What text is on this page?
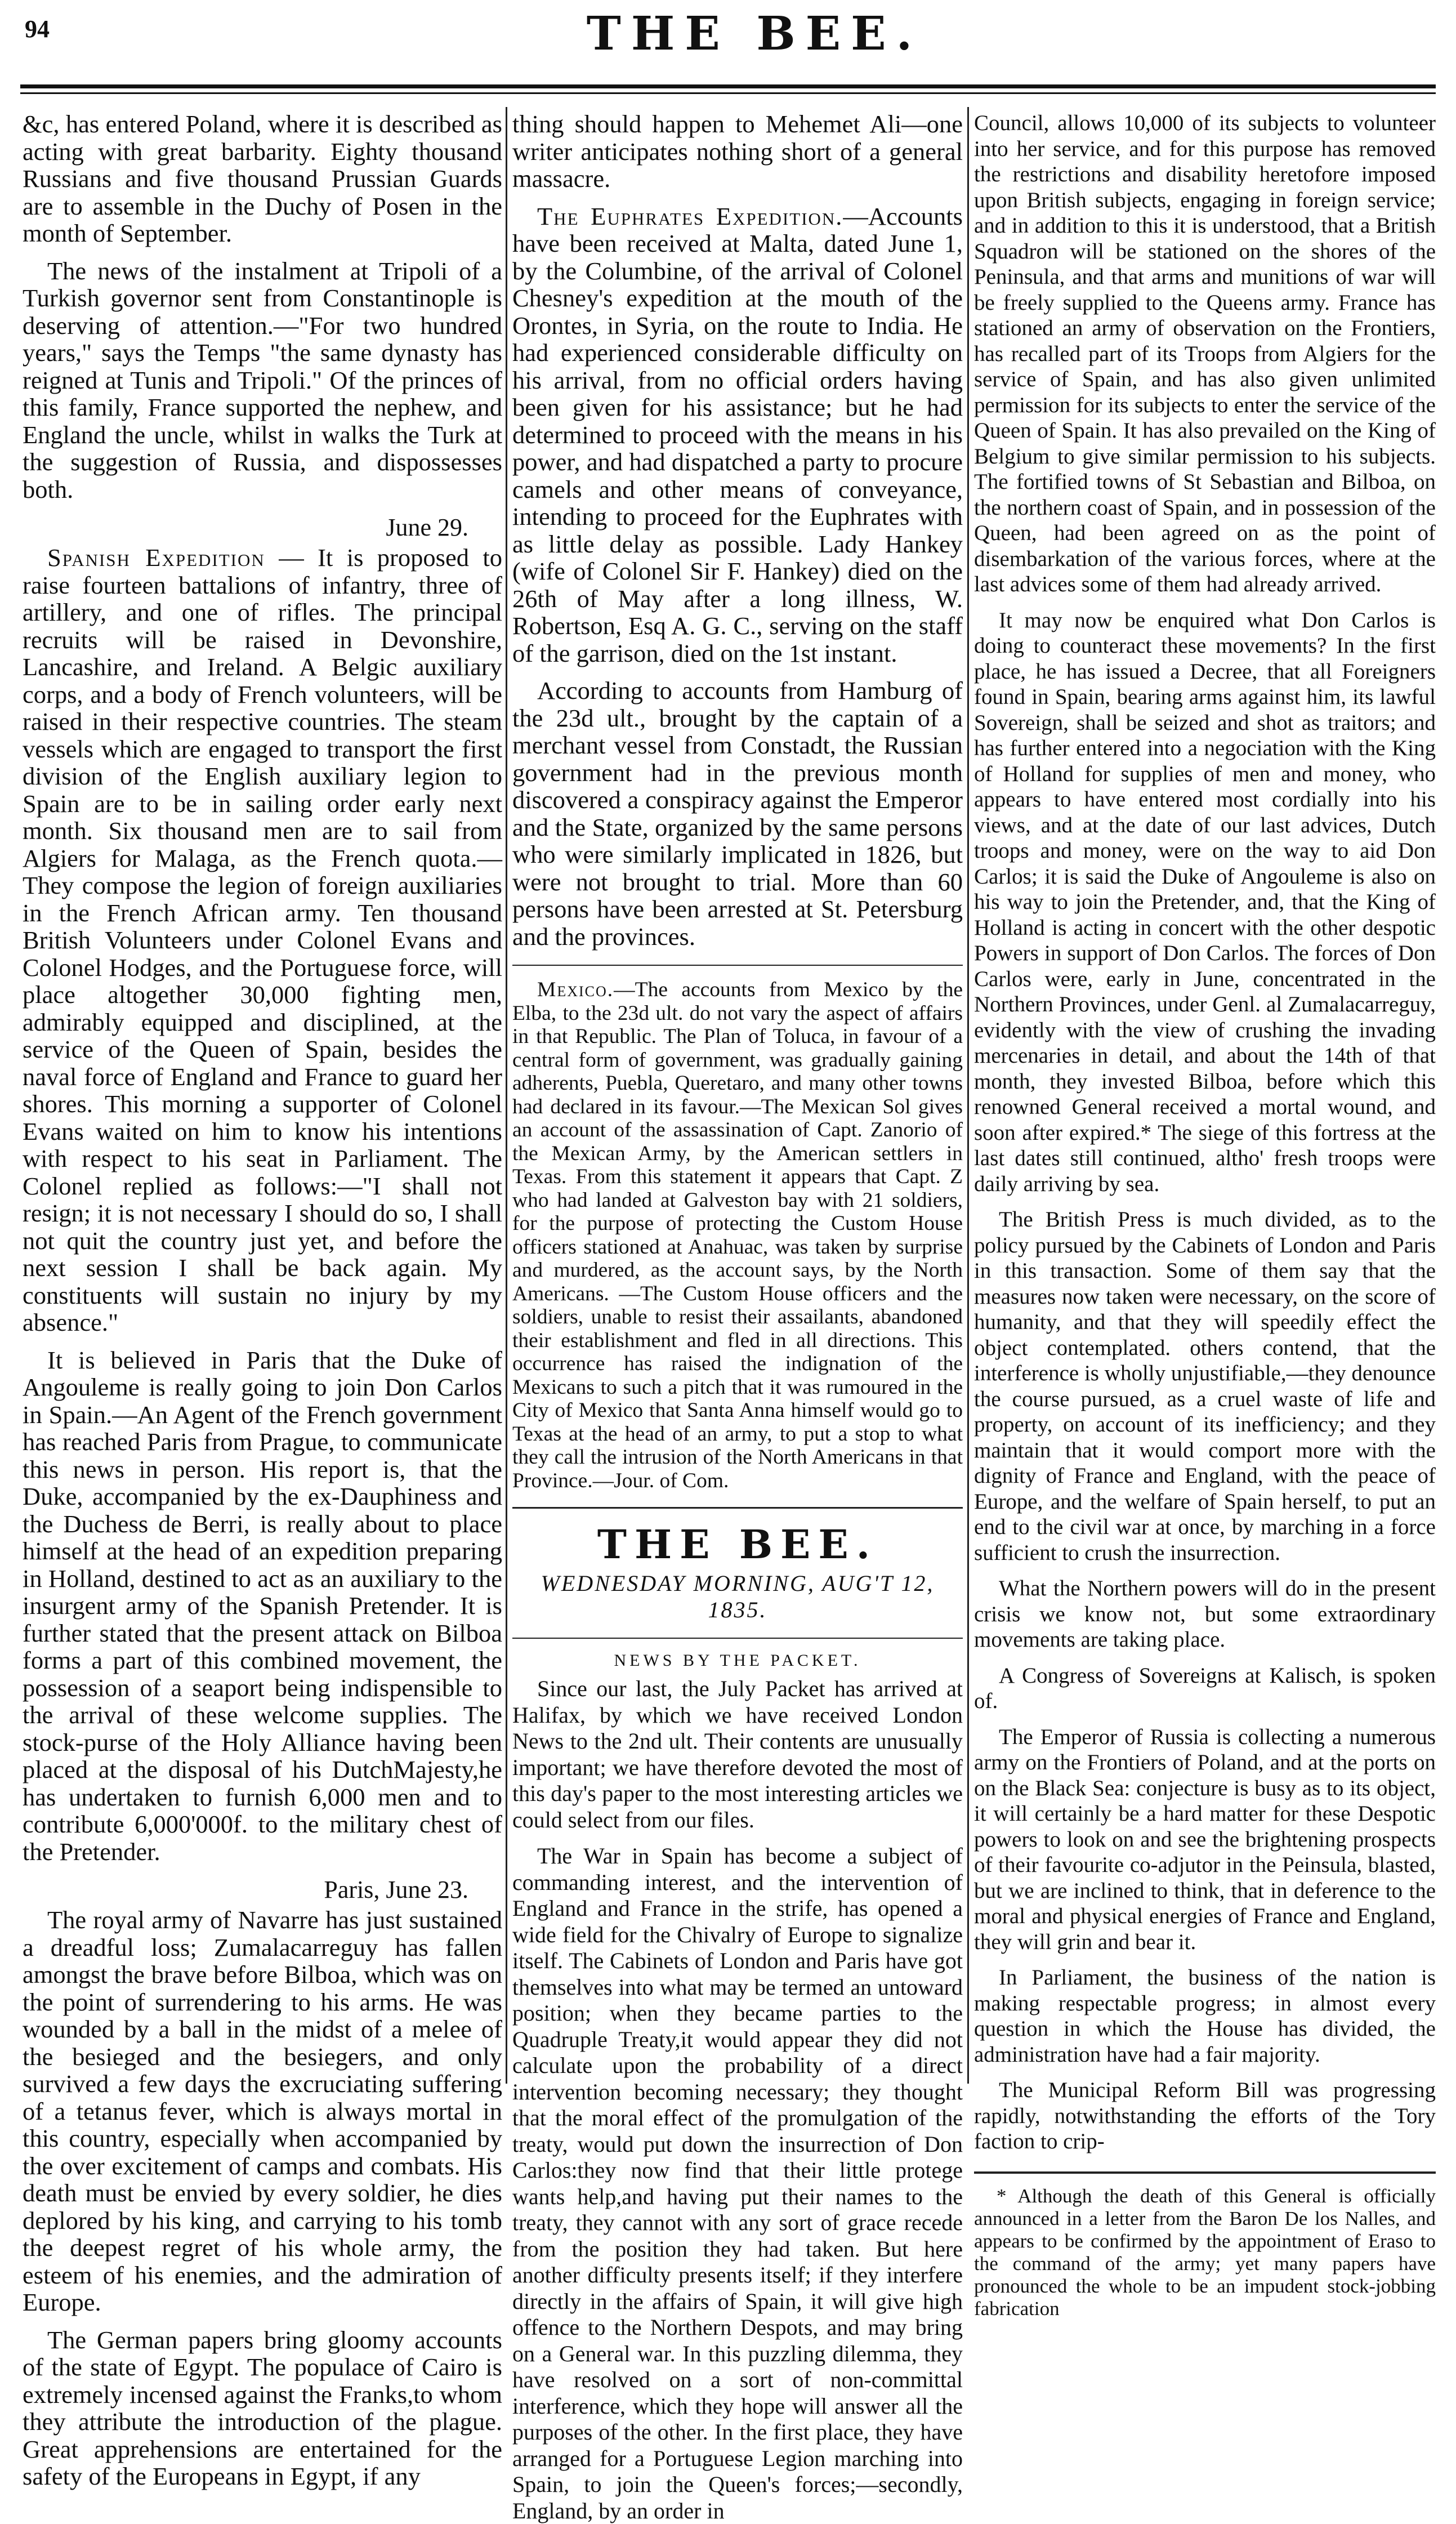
94	THE BEE.

&c, has entered Poland, where it is described as acting with great barbarity. Eighty thousand Russians and five thousand Prussian Guards are to assemble in the Duchy of Posen in the month of September.

The news of the instalment at Tripoli of a Turkish governor sent from Constantinople is deserving of attention.—"For two hundred years," says the Temps "the same dynasty has reigned at Tunis and Tripoli." Of the princes of this family, France supported the nephew, and England the uncle, whilst in walks the Turk at the suggestion of Russia, and dispossesses both.

June 29.

Spanish Expedition — It is proposed to raise fourteen battalions of infantry, three of artillery, and one of rifles. The principal recruits will be raised in Devonshire, Lancashire, and Ireland. A Belgic auxiliary corps, and a body of French volunteers, will be raised in their respective countries. The steam vessels which are engaged to transport the first division of the English auxiliary legion to Spain are to be in sailing order early next month. Six thousand men are to sail from Algiers for Malaga, as the French quota.— They compose the legion of foreign auxiliaries in the French African army. Ten thousand British Volunteers under Colonel Evans and Colonel Hodges, and the Portuguese force, will place altogether 30,000 fighting men, admirably equipped and disciplined, at the service of the Queen of Spain, besides the naval force of England and France to guard her shores. This morning a supporter of Colonel Evans waited on him to know his intentions with respect to his seat in Parliament. The Colonel replied as follows:—"I shall not resign; it is not necessary I should do so, I shall not quit the country just yet, and before the next session I shall be back again. My constituents will sustain no injury by my absence."

It is believed in Paris that the Duke of Angouleme is really going to join Don Carlos in Spain.—An Agent of the French government has reached Paris from Prague, to communicate this news in person. His report is, that the Duke, accompanied by the ex-Dauphiness and the Duchess de Berri, is really about to place himself at the head of an expedition preparing in Holland, destined to act as an auxiliary to the insurgent army of the Spanish Pretender. It is further stated that the present attack on Bilboa forms a part of this combined movement, the possession of a seaport being indispensible to the arrival of these welcome supplies. The stock-purse of the Holy Alliance having been placed at the disposal of his DutchMajesty,he has undertaken to furnish 6,000 men and to contribute 6,000'000f. to the military chest of the Pretender.

Paris, June 23.

The royal army of Navarre has just sustained a dreadful loss; Zumalacarreguy has fallen amongst the brave before Bilboa, which was on the point of surrendering to his arms. He was wounded by a ball in the midst of a melee of the besieged and the besiegers, and only survived a few days the excruciating suffering of a tetanus fever, which is always mortal in this country, especially when accompanied by the over excitement of camps and combats. His death must be envied by every soldier, he dies deplored by his king, and carrying to his tomb the deepest regret of his whole army, the esteem of his enemies, and the admiration of Europe.

The German papers bring gloomy accounts of the state of Egypt. The populace of Cairo is extremely incensed against the Franks,to whom they attribute the introduction of the plague. Great apprehensions are entertained for the safety of the Europeans in Egypt, if any

thing should happen to Mehemet Ali—one writer anticipates nothing short of a general massacre.

The Euphrates Expedition.—Accounts have been received at Malta, dated June 1, by the Columbine, of the arrival of Colonel Chesney's expedition at the mouth of the Orontes, in Syria, on the route to India. He had experienced considerable difficulty on his arrival, from no official orders having been given for his assistance; but he had determined to proceed with the means in his power, and had dispatched a party to procure camels and other means of conveyance, intending to proceed for the Euphrates with as little delay as possible. Lady Hankey (wife of Colonel Sir F. Hankey) died on the 26th of May after a long illness, W. Robertson, Esq A. G. C., serving on the staff of the garrison, died on the 1st instant.

According to accounts from Hamburg of the 23d ult., brought by the captain of a merchant vessel from Constadt, the Russian government had in the previous month discovered a conspiracy against the Emperor and the State, organized by the same persons who were similarly implicated in 1826, but were not brought to trial. More than 60 persons have been arrested at St. Petersburg and the provinces.

Mexico.—The accounts from Mexico by the Elba, to the 23d ult. do not vary the aspect of affairs in that Republic. The Plan of Toluca, in favour of a central form of government, was gradually gaining adherents, Puebla, Queretaro, and many other towns had declared in its favour.—The Mexican Sol gives an account of the assassination of Capt. Zanorio of the Mexican Army, by the American settlers in Texas. From this statement it appears that Capt. Z who had landed at Galveston bay with 21 soldiers, for the purpose of protecting the Custom House officers stationed at Anahuac, was taken by surprise and murdered, as the account says, by the North Americans. —The Custom House officers and the soldiers, unable to resist their assailants, abandoned their establishment and fled in all directions. This occurrence has raised the indignation of the Mexicans to such a pitch that it was rumoured in the City of Mexico that Santa Anna himself would go to Texas at the head of an army, to put a stop to what they call the intrusion of the North Americans in that Province.—Jour. of Com.

THE BEE.
WEDNESDAY MORNING, AUG'T 12, 1835.
NEWS BY THE PACKET.

Since our last, the July Packet has arrived at Halifax, by which we have received London News to the 2nd ult. Their contents are unusually important; we have therefore devoted the most of this day's paper to the most interesting articles we could select from our files.

The War in Spain has become a subject of commanding interest, and the intervention of England and France in the strife, has opened a wide field for the Chivalry of Europe to signalize itself. The Cabinets of London and Paris have got themselves into what may be termed an untoward position; when they became parties to the Quadruple Treaty,it would appear they did not calculate upon the probability of a direct intervention becoming necessary; they thought that the moral effect of the promulgation of the treaty, would put down the insurrection of Don Carlos:they now find that their little protege wants help,and having put their names to the treaty, they cannot with any sort of grace recede from the position they had taken. But here another difficulty presents itself; if they interfere directly in the affairs of Spain, it will give high offence to the Northern Despots, and may bring on a General war. In this puzzling dilemma, they have resolved on a sort of non-committal interference, which they hope will answer all the purposes of the other. In the first place, they have arranged for a Portuguese Legion marching into Spain, to join the Queen's forces;—secondly, England, by an order in

Council, allows 10,000 of its subjects to volunteer into her service, and for this purpose has removed the restrictions and disability heretofore imposed upon British subjects, engaging in foreign service; and in addition to this it is understood, that a British Squadron will be stationed on the shores of the Peninsula, and that arms and munitions of war will be freely supplied to the Queens army. France has stationed an army of observation on the Frontiers, has recalled part of its Troops from Algiers for the service of Spain, and has also given unlimited permission for its subjects to enter the service of the Queen of Spain. It has also prevailed on the King of Belgium to give similar permission to his subjects. The fortified towns of St Sebastian and Bilboa, on the northern coast of Spain, and in possession of the Queen, had been agreed on as the point of disembarkation of the various forces, where at the last advices some of them had already arrived.

It may now be enquired what Don Carlos is doing to counteract these movements? In the first place, he has issued a Decree, that all Foreigners found in Spain, bearing arms against him, its lawful Sovereign, shall be seized and shot as traitors; and has further entered into a negociation with the King of Holland for supplies of men and money, who appears to have entered most cordially into his views, and at the date of our last advices, Dutch troops and money, were on the way to aid Don Carlos; it is said the Duke of Angouleme is also on his way to join the Pretender, and, that the King of Holland is acting in concert with the other despotic Powers in support of Don Carlos. The forces of Don Carlos were, early in June, concentrated in the Northern Provinces, under Genl. al Zumalacarreguy, evidently with the view of crushing the invading mercenaries in detail, and about the 14th of that month, they invested Bilboa, before which this renowned General received a mortal wound, and soon after expired.* The siege of this fortress at the last dates still continued, altho' fresh troops were daily arriving by sea.

The British Press is much divided, as to the policy pursued by the Cabinets of London and Paris in this transaction. Some of them say that the measures now taken were necessary, on the score of humanity, and that they will speedily effect the object contemplated. others contend, that the interference is wholly unjustifiable,—they denounce the course pursued, as a cruel waste of life and property, on account of its inefficiency; and they maintain that it would comport more with the dignity of France and England, with the peace of Europe, and the welfare of Spain herself, to put an end to the civil war at once, by marching in a force sufficient to crush the insurrection.

What the Northern powers will do in the present crisis we know not, but some extraordinary movements are taking place.

A Congress of Sovereigns at Kalisch, is spoken of.

The Emperor of Russia is collecting a numerous army on the Frontiers of Poland, and at the ports on on the Black Sea: conjecture is busy as to its object, it will certainly be a hard matter for these Despotic powers to look on and see the brightening prospects of their favourite co-adjutor in the Peinsula, blasted, but we are inclined to think, that in deference to the moral and physical energies of France and England, they will grin and bear it.

In Parliament, the business of the nation is making respectable progress; in almost every question in which the House has divided, the administration have had a fair majority.

The Municipal Reform Bill was progressing rapidly, notwithstanding the efforts of the Tory faction to crip-

* Although the death of this General is officially announced in a letter from the Baron De los Nalles, and appears to be confirmed by the appointment of Eraso to the command of the army; yet many papers have pronounced the whole to be an impudent stock-jobbing fabrication
